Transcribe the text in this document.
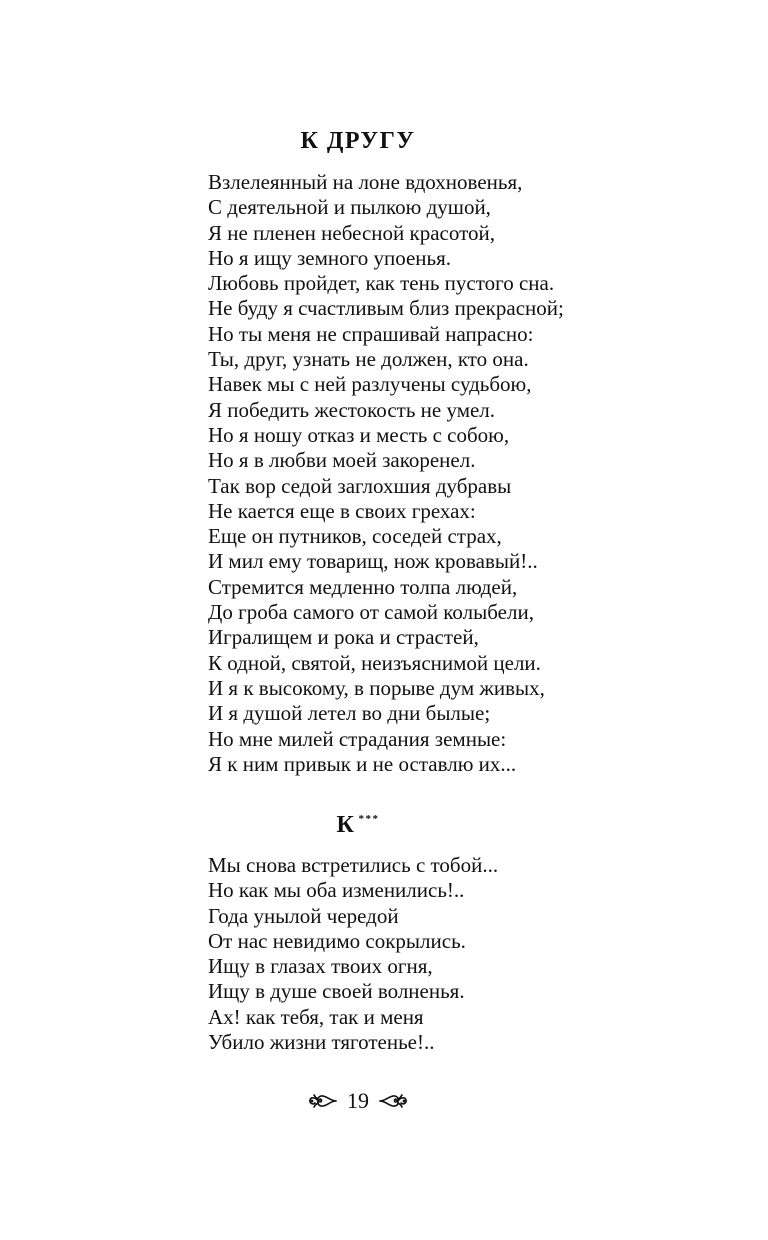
К ДРУГУ
Взлелеянный на лоне вдохновенья,
С деятельной и пылкою душой,
Я не пленен небесной красотой,
Но я ищу земного упоенья.
Любовь пройдет, как тень пустого сна.
Не буду я счастливым близ прекрасной;
Но ты меня не спрашивай напрасно:
Ты, друг, узнать не должен, кто она.
Навек мы с ней разлучены судьбою,
Я победить жестокость не умел.
Но я ношу отказ и месть с собою,
Но я в любви моей закоренел.
Так вор седой заглохшия дубравы
Не кается еще в своих грехах:
Еще он путников, соседей страх,
И мил ему товарищ, нож кровавый!..
Стремится медленно толпа людей,
До гроба самого от самой колыбели,
Игралищем и рока и страстей,
К одной, святой, неизъяснимой цели.
И я к высокому, в порыве дум живых,
И я душой летел во дни былые;
Но мне милей страдания земные:
Я к ним привык и не оставлю их...
К ***
Мы снова встретились с тобой...
Но как мы оба изменились!..
Года унылой чередой
От нас невидимо сокрылись.
Ищу в глазах твоих огня,
Ищу в душе своей волненья.
Ах! как тебя, так и меня
Убило жизни тяготенье!..
19
